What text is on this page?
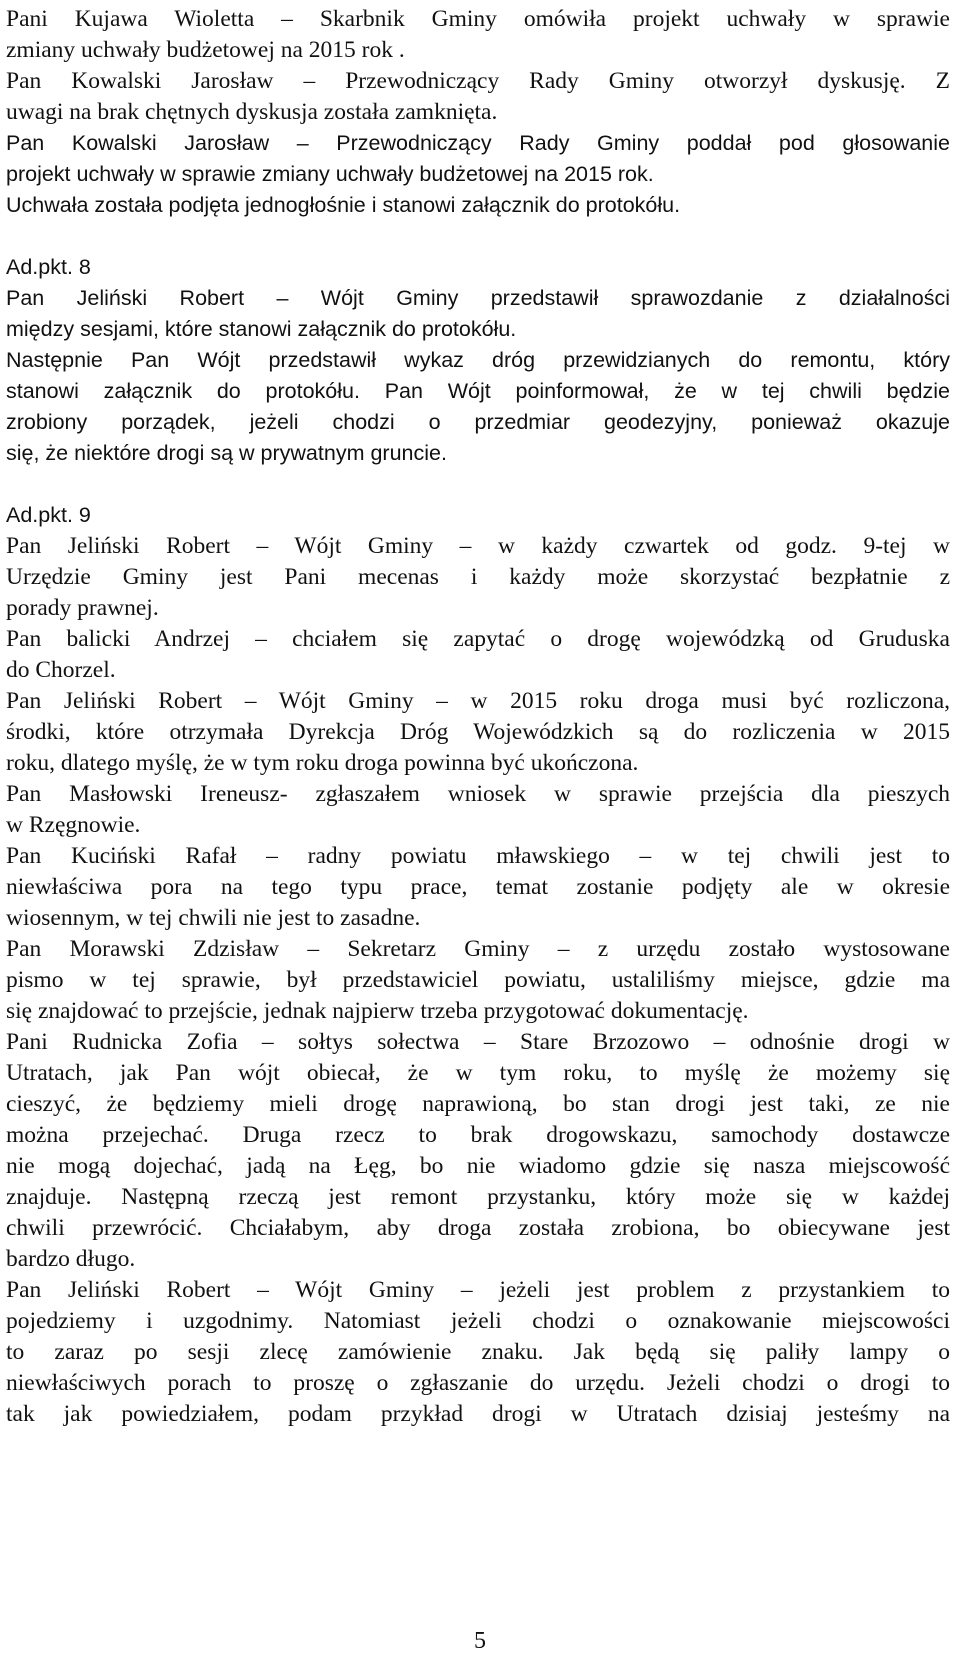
Pani Kujawa Wioletta – Skarbnik Gminy omówiła projekt uchwały w sprawie
zmiany uchwały budżetowej na 2015 rok .
Pan Kowalski Jarosław – Przewodniczący Rady Gminy otworzył dyskusję. Z
uwagi na brak chętnych dyskusja została zamknięta.
Pan Kowalski Jarosław – Przewodniczący Rady Gminy poddał pod głosowanie
projekt uchwały w sprawie zmiany uchwały budżetowej na 2015 rok.
Uchwała została podjęta jednogłośnie i stanowi załącznik do protokółu.
Ad.pkt. 8
Pan Jeliński Robert – Wójt Gminy przedstawił sprawozdanie z działalności
między sesjami, które stanowi załącznik do protokółu.
Następnie Pan Wójt przedstawił wykaz dróg przewidzianych do remontu, który
stanowi załącznik do protokółu. Pan Wójt poinformował, że w tej chwili będzie
zrobiony porządek, jeżeli chodzi o przedmiar geodezyjny, ponieważ okazuje
się, że niektóre drogi są w prywatnym gruncie.
Ad.pkt. 9
Pan Jeliński Robert – Wójt Gminy – w każdy czwartek od godz. 9-tej w
Urzędzie Gminy jest Pani mecenas i każdy może skorzystać bezpłatnie z
porady prawnej.
Pan balicki Andrzej – chciałem się zapytać o drogę wojewódzką od Gruduska
do Chorzel.
Pan Jeliński Robert – Wójt Gminy – w 2015 roku droga musi być rozliczona,
środki, które otrzymała Dyrekcja Dróg Wojewódzkich są do rozliczenia w 2015
roku, dlatego myślę, że w tym roku droga powinna być ukończona.
Pan Masłowski Ireneusz- zgłaszałem wniosek w sprawie przejścia dla pieszych
w Rzęgnowie.
Pan Kuciński Rafał – radny powiatu mławskiego – w tej chwili jest to
niewłaściwa pora na tego typu prace, temat zostanie podjęty ale w okresie
wiosennym, w tej chwili nie jest to zasadne.
Pan Morawski Zdzisław – Sekretarz Gminy – z urzędu zostało wystosowane
pismo w tej sprawie, był przedstawiciel powiatu, ustaliliśmy miejsce, gdzie ma
się znajdować to przejście, jednak najpierw trzeba przygotować dokumentację.
Pani Rudnicka Zofia – sołtys sołectwa – Stare Brzozowo – odnośnie drogi w
Utratach, jak Pan wójt obiecał, że w tym roku, to myślę że możemy się
cieszyć, że będziemy mieli drogę naprawioną, bo stan drogi jest taki, ze nie
można przejechać. Druga rzecz to brak drogowskazu, samochody dostawcze
nie mogą dojechać, jadą na Łęg, bo nie wiadomo gdzie się nasza miejscowość
znajduje. Następną rzeczą jest remont przystanku, który może się w każdej
chwili przewrócić. Chciałabym, aby droga została zrobiona, bo obiecywane jest
bardzo długo.
Pan Jeliński Robert – Wójt Gminy – jeżeli jest problem z przystankiem to
pojedziemy i uzgodnimy. Natomiast jeżeli chodzi o oznakowanie miejscowości
to zaraz po sesji zlecę zamówienie znaku. Jak będą się paliły lampy o
niewłaściwych porach to proszę o zgłaszanie do urzędu. Jeżeli chodzi o drogi to
tak jak powiedziałem, podam przykład drogi w Utratach dzisiaj jesteśmy na
5
